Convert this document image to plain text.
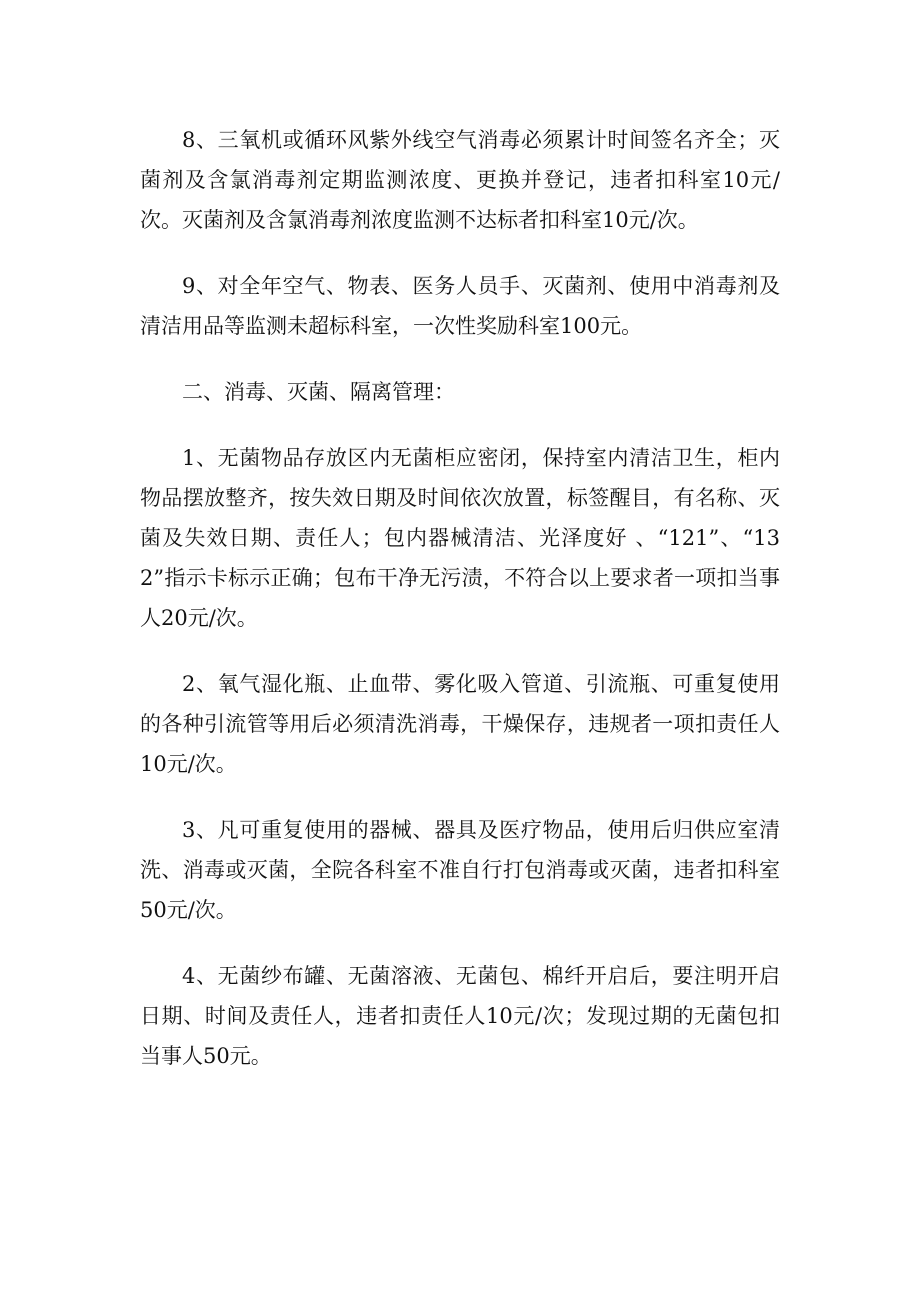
8、三氧机或循环风紫外线空气消毒必须累计时间签名齐全；灭菌剂及含氯消毒剂定期监测浓度、更换并登记，违者扣科室10元/次。灭菌剂及含氯消毒剂浓度监测不达标者扣科室10元/次。

9、对全年空气、物表、医务人员手、灭菌剂、使用中消毒剂及清洁用品等监测未超标科室，一次性奖励科室100元。

二、消毒、灭菌、隔离管理：

1、无菌物品存放区内无菌柜应密闭，保持室内清洁卫生，柜内物品摆放整齐，按失效日期及时间依次放置，标签醒目，有名称、灭菌及失效日期、责任人；包内器械清洁、光泽度好 、“121”、“132”指示卡标示正确；包布干净无污渍，不符合以上要求者一项扣当事人20元/次。

2、氧气湿化瓶、止血带、雾化吸入管道、引流瓶、可重复使用的各种引流管等用后必须清洗消毒，干燥保存，违规者一项扣责任人10元/次。

3、凡可重复使用的器械、器具及医疗物品，使用后归供应室清洗、消毒或灭菌，全院各科室不准自行打包消毒或灭菌，违者扣科室50元/次。

4、无菌纱布罐、无菌溶液、无菌包、棉纤开启后，要注明开启日期、时间及责任人，违者扣责任人10元/次；发现过期的无菌包扣当事人50元。
